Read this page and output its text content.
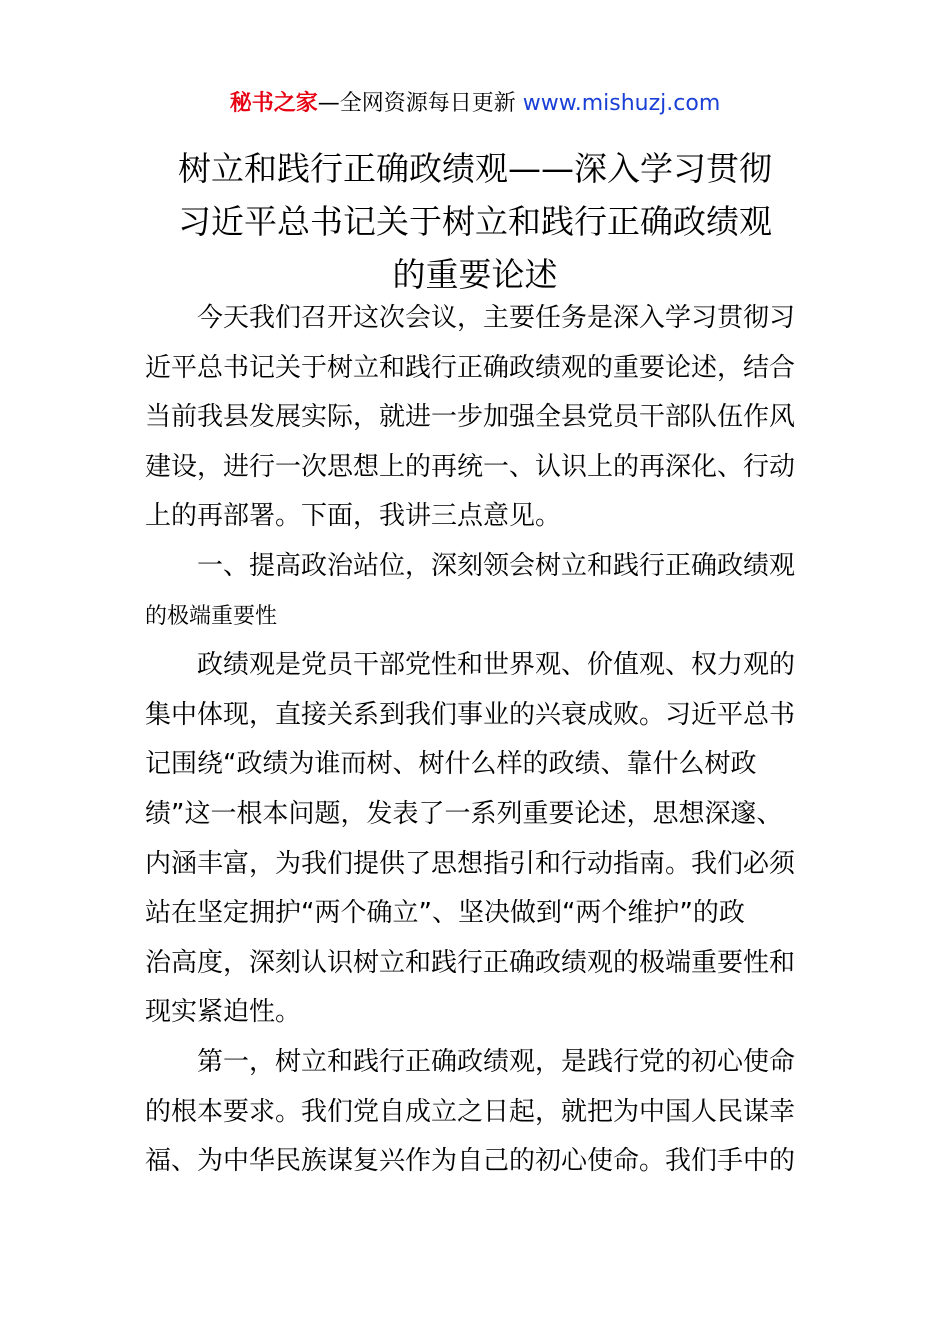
秘书之家—全网资源每日更新 www.mishuzj.com
树立和践行正确政绩观——深入学习贯彻
习近平总书记关于树立和践行正确政绩观
的重要论述
今天我们召开这次会议，主要任务是深入学习贯彻习
近平总书记关于树立和践行正确政绩观的重要论述，结合
当前我县发展实际，就进一步加强全县党员干部队伍作风
建设，进行一次思想上的再统一、认识上的再深化、行动
上的再部署。下面，我讲三点意见。
一、提高政治站位，深刻领会树立和践行正确政绩观
的极端重要性
政绩观是党员干部党性和世界观、价值观、权力观的
集中体现，直接关系到我们事业的兴衰成败。习近平总书
记围绕“政绩为谁而树、树什么样的政绩、靠什么树政
绩”这一根本问题，发表了一系列重要论述，思想深邃、
内涵丰富，为我们提供了思想指引和行动指南。我们必须
站在坚定拥护“两个确立”、坚决做到“两个维护”的政
治高度，深刻认识树立和践行正确政绩观的极端重要性和
现实紧迫性。
第一，树立和践行正确政绩观，是践行党的初心使命
的根本要求。我们党自成立之日起，就把为中国人民谋幸
福、为中华民族谋复兴作为自己的初心使命。我们手中的
